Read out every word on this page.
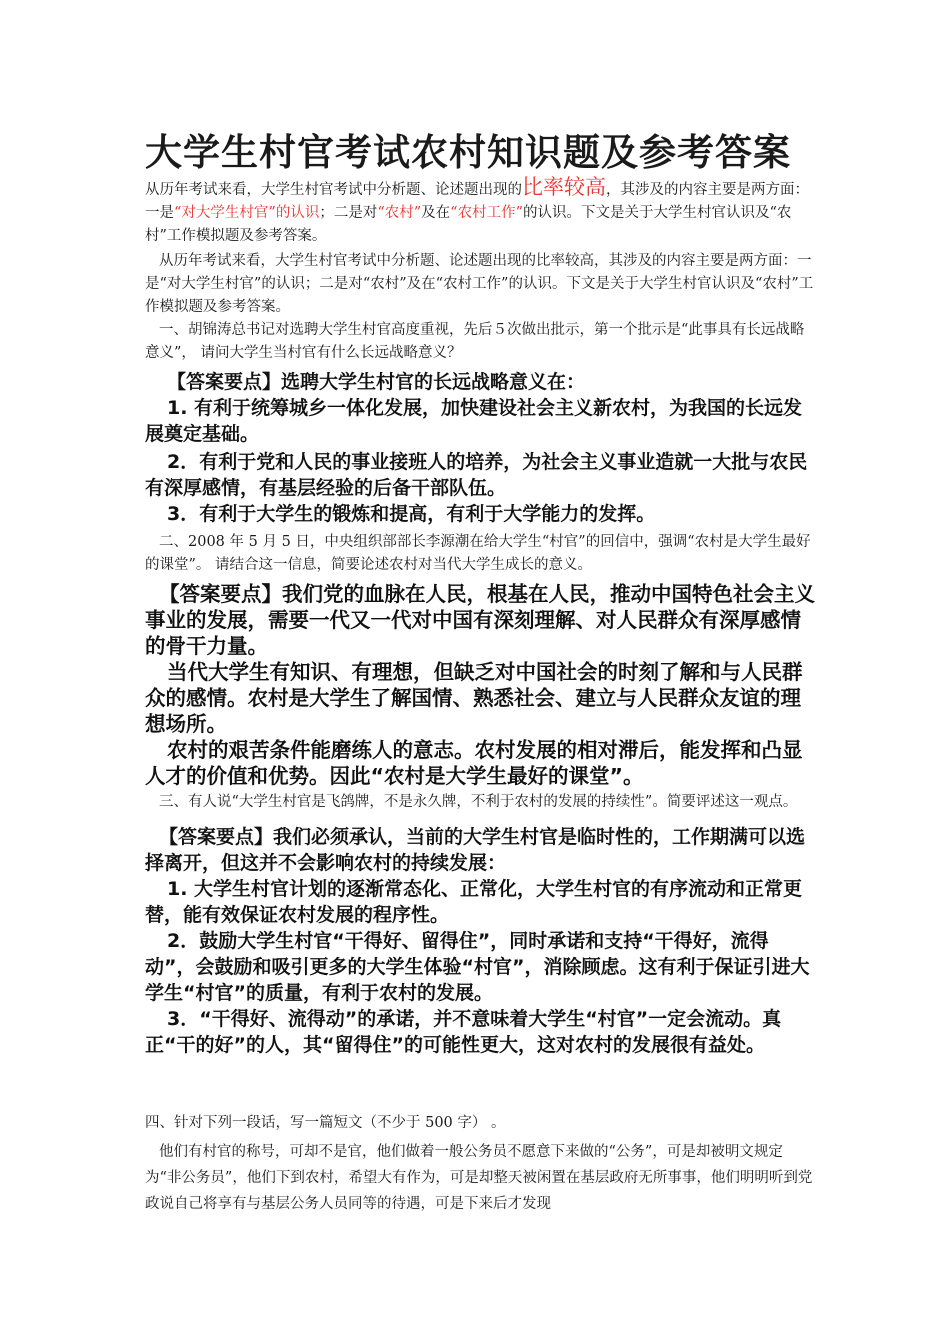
大学生村官考试农村知识题及参考答案

从历年考试来看，大学生村官考试中分析题、论述题出现的比率较高，其涉及的内容主要是两方面：一是“对大学生村官”的认识；二是对“农村”及在“农村工作”的认识。下文是关于大学生村官认识及“农村”工作模拟题及参考答案。

从历年考试来看，大学生村官考试中分析题、论述题出现的比率较高，其涉及的内容主要是两方面：一是“对大学生村官”的认识；二是对“农村”及在“农村工作”的认识。下文是关于大学生村官认识及“农村”工作模拟题及参考答案。

一、胡锦涛总书记对选聘大学生村官高度重视，先后５次做出批示，第一个批示是“此事具有长远战略意义”， 请问大学生当村官有什么长远战略意义？

【答案要点】选聘大学生村官的长远战略意义在：

1. 有利于统筹城乡一体化发展，加快建设社会主义新农村，为我国的长远发展奠定基础。

2．有利于党和人民的事业接班人的培养，为社会主义事业造就一大批与农民有深厚感情，有基层经验的后备干部队伍。

3．有利于大学生的锻炼和提高，有利于大学能力的发挥。

二、2008 年 5 月 5 日，中央组织部部长李源潮在给大学生“村官”的回信中，强调“农村是大学生最好的课堂”。 请结合这一信息，简要论述农村对当代大学生成长的意义。

【答案要点】我们党的血脉在人民，根基在人民，推动中国特色社会主义事业的发展，需要一代又一代对中国有深刻理解、对人民群众有深厚感情的骨干力量。

当代大学生有知识、有理想，但缺乏对中国社会的时刻了解和与人民群众的感情。农村是大学生了解国情、熟悉社会、建立与人民群众友谊的理想场所。

农村的艰苦条件能磨练人的意志。农村发展的相对滞后，能发挥和凸显人才的价值和优势。因此“农村是大学生最好的课堂”。

三、有人说“大学生村官是飞鸽牌，不是永久牌，不利于农村的发展的持续性”。简要评述这一观点。

【答案要点】我们必须承认，当前的大学生村官是临时性的，工作期满可以选择离开，但这并不会影响农村的持续发展：

1. 大学生村官计划的逐渐常态化、正常化，大学生村官的有序流动和正常更替，能有效保证农村发展的程序性。

2．鼓励大学生村官“干得好、留得住”，同时承诺和支持“干得好，流得动”，会鼓励和吸引更多的大学生体验“村官”，消除顾虑。这有利于保证引进大学生“村官”的质量，有利于农村的发展。

3．“干得好、流得动”的承诺，并不意味着大学生“村官”一定会流动。真正“干的好”的人，其“留得住”的可能性更大，这对农村的发展很有益处。

四、针对下列一段话，写一篇短文（不少于 500 字） 。

他们有村官的称号，可却不是官，他们做着一般公务员不愿意下来做的“公务”，可是却被明文规定为“非公务员”，他们下到农村，希望大有作为，可是却整天被闲置在基层政府无所事事，他们明明听到党政说自己将享有与基层公务人员同等的待遇，可是下来后才发现
